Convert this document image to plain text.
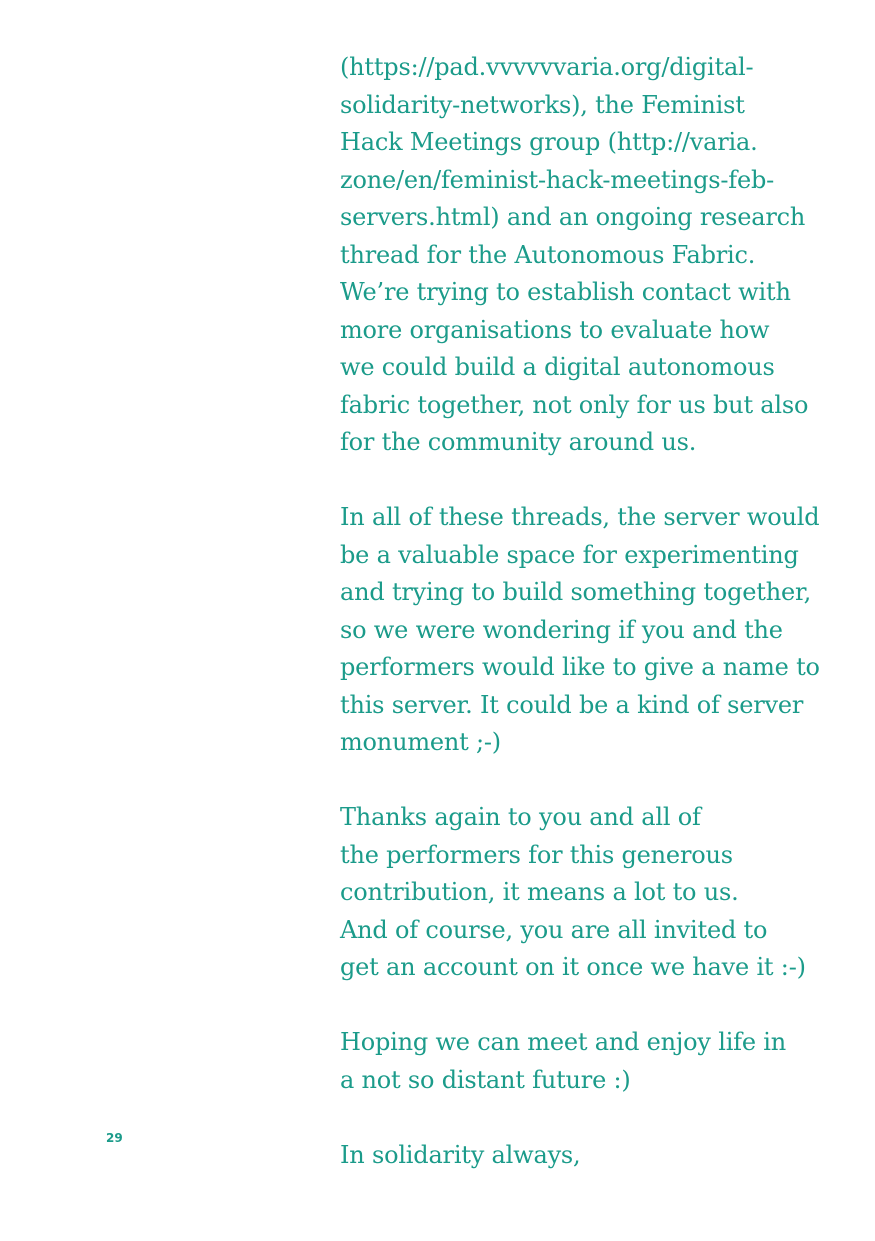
(https://pad.vvvvvvaria.org/digital-
solidarity-networks), the Feminist
Hack Meetings group (http://varia.
zone/en/feminist-hack-meetings-feb-
servers.html) and an ongoing research
thread for the Autonomous Fabric.
We’re trying to establish contact with
more organisations to evaluate how
we could build a digital autonomous
fabric together, not only for us but also
for the community around us.

In all of these threads, the server would
be a valuable space for experimenting
and trying to build something together,
so we were wondering if you and the
performers would like to give a name to
this server. It could be a kind of server
monument ;-)

Thanks again to you and all of
the performers for this generous
contribution, it means a lot to us.
And of course, you are all invited to
get an account on it once we have it :-)

Hoping we can meet and enjoy life in
a not so distant future :)

In solidarity always,

29
